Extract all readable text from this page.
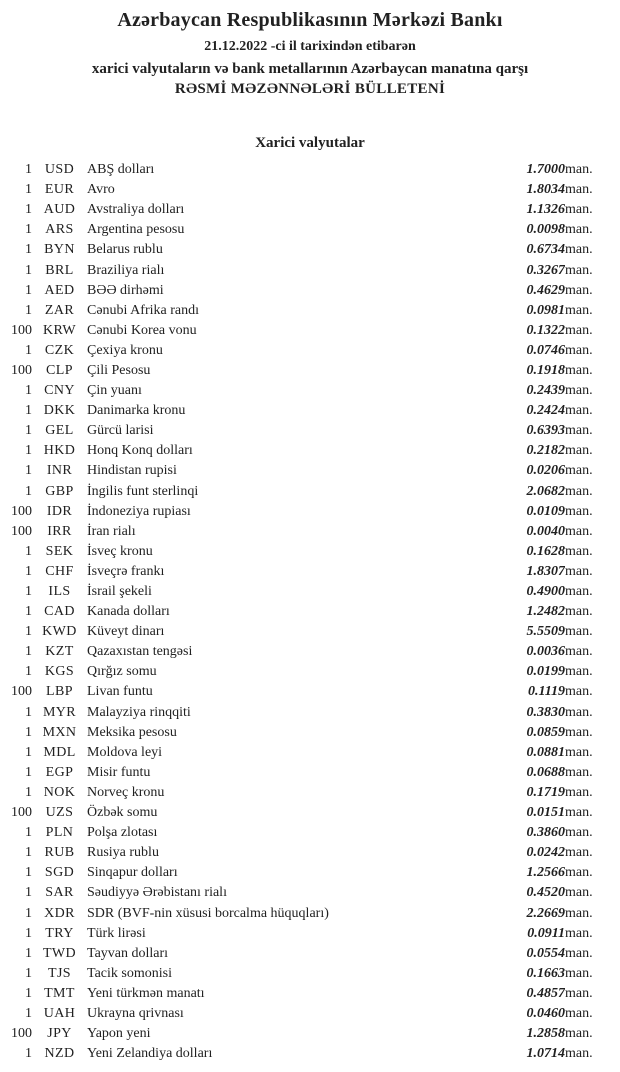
Azərbaycan Respublikasının Mərkəzi Bankı
21.12.2022 -ci il tarixindən etibarən
xarici valyutaların və bank metallarının Azərbaycan manatına qarşı
RƏSMİ MƏZƏNNƏLƏRİ BÜLLETENİ
Xarici valyutalar
1	USD	ABŞ dolları	1.7000	man.
1	EUR	Avro	1.8034	man.
1	AUD	Avstraliya dolları	1.1326	man.
1	ARS	Argentina pesosu	0.0098	man.
1	BYN	Belarus rublu	0.6734	man.
1	BRL	Braziliya rialı	0.3267	man.
1	AED	BƏƏ dirhəmi	0.4629	man.
1	ZAR	Cənubi Afrika randı	0.0981	man.
100	KRW	Cənubi Korea vonu	0.1322	man.
1	CZK	Çexiya kronu	0.0746	man.
100	CLP	Çili Pesosu	0.1918	man.
1	CNY	Çin yuanı	0.2439	man.
1	DKK	Danimarka kronu	0.2424	man.
1	GEL	Gürcü larisi	0.6393	man.
1	HKD	Honq Konq dolları	0.2182	man.
1	INR	Hindistan rupisi	0.0206	man.
1	GBP	İngilis funt sterlinqi	2.0682	man.
100	IDR	İndoneziya rupiası	0.0109	man.
100	IRR	İran rialı	0.0040	man.
1	SEK	İsveç kronu	0.1628	man.
1	CHF	İsveçrə frankı	1.8307	man.
1	ILS	İsrail şekeli	0.4900	man.
1	CAD	Kanada dolları	1.2482	man.
1	KWD	Küveyt dinarı	5.5509	man.
1	KZT	Qazaxıstan tengəsi	0.0036	man.
1	KGS	Qırğız somu	0.0199	man.
100	LBP	Livan funtu	0.1119	man.
1	MYR	Malayziya rinqqiti	0.3830	man.
1	MXN	Meksika pesosu	0.0859	man.
1	MDL	Moldova leyi	0.0881	man.
1	EGP	Misir funtu	0.0688	man.
1	NOK	Norveç kronu	0.1719	man.
100	UZS	Özbək somu	0.0151	man.
1	PLN	Polşa zlotası	0.3860	man.
1	RUB	Rusiya rublu	0.0242	man.
1	SGD	Sinqapur dolları	1.2566	man.
1	SAR	Səudiyyə Ərəbistanı rialı	0.4520	man.
1	XDR	SDR (BVF-nin xüsusi borcalma hüquqları)	2.2669	man.
1	TRY	Türk lirəsi	0.0911	man.
1	TWD	Tayvan dolları	0.0554	man.
1	TJS	Tacik somonisi	0.1663	man.
1	TMT	Yeni türkmən manatı	0.4857	man.
1	UAH	Ukrayna qrivnası	0.0460	man.
100	JPY	Yapon yeni	1.2858	man.
1	NZD	Yeni Zelandiya dolları	1.0714	man.
